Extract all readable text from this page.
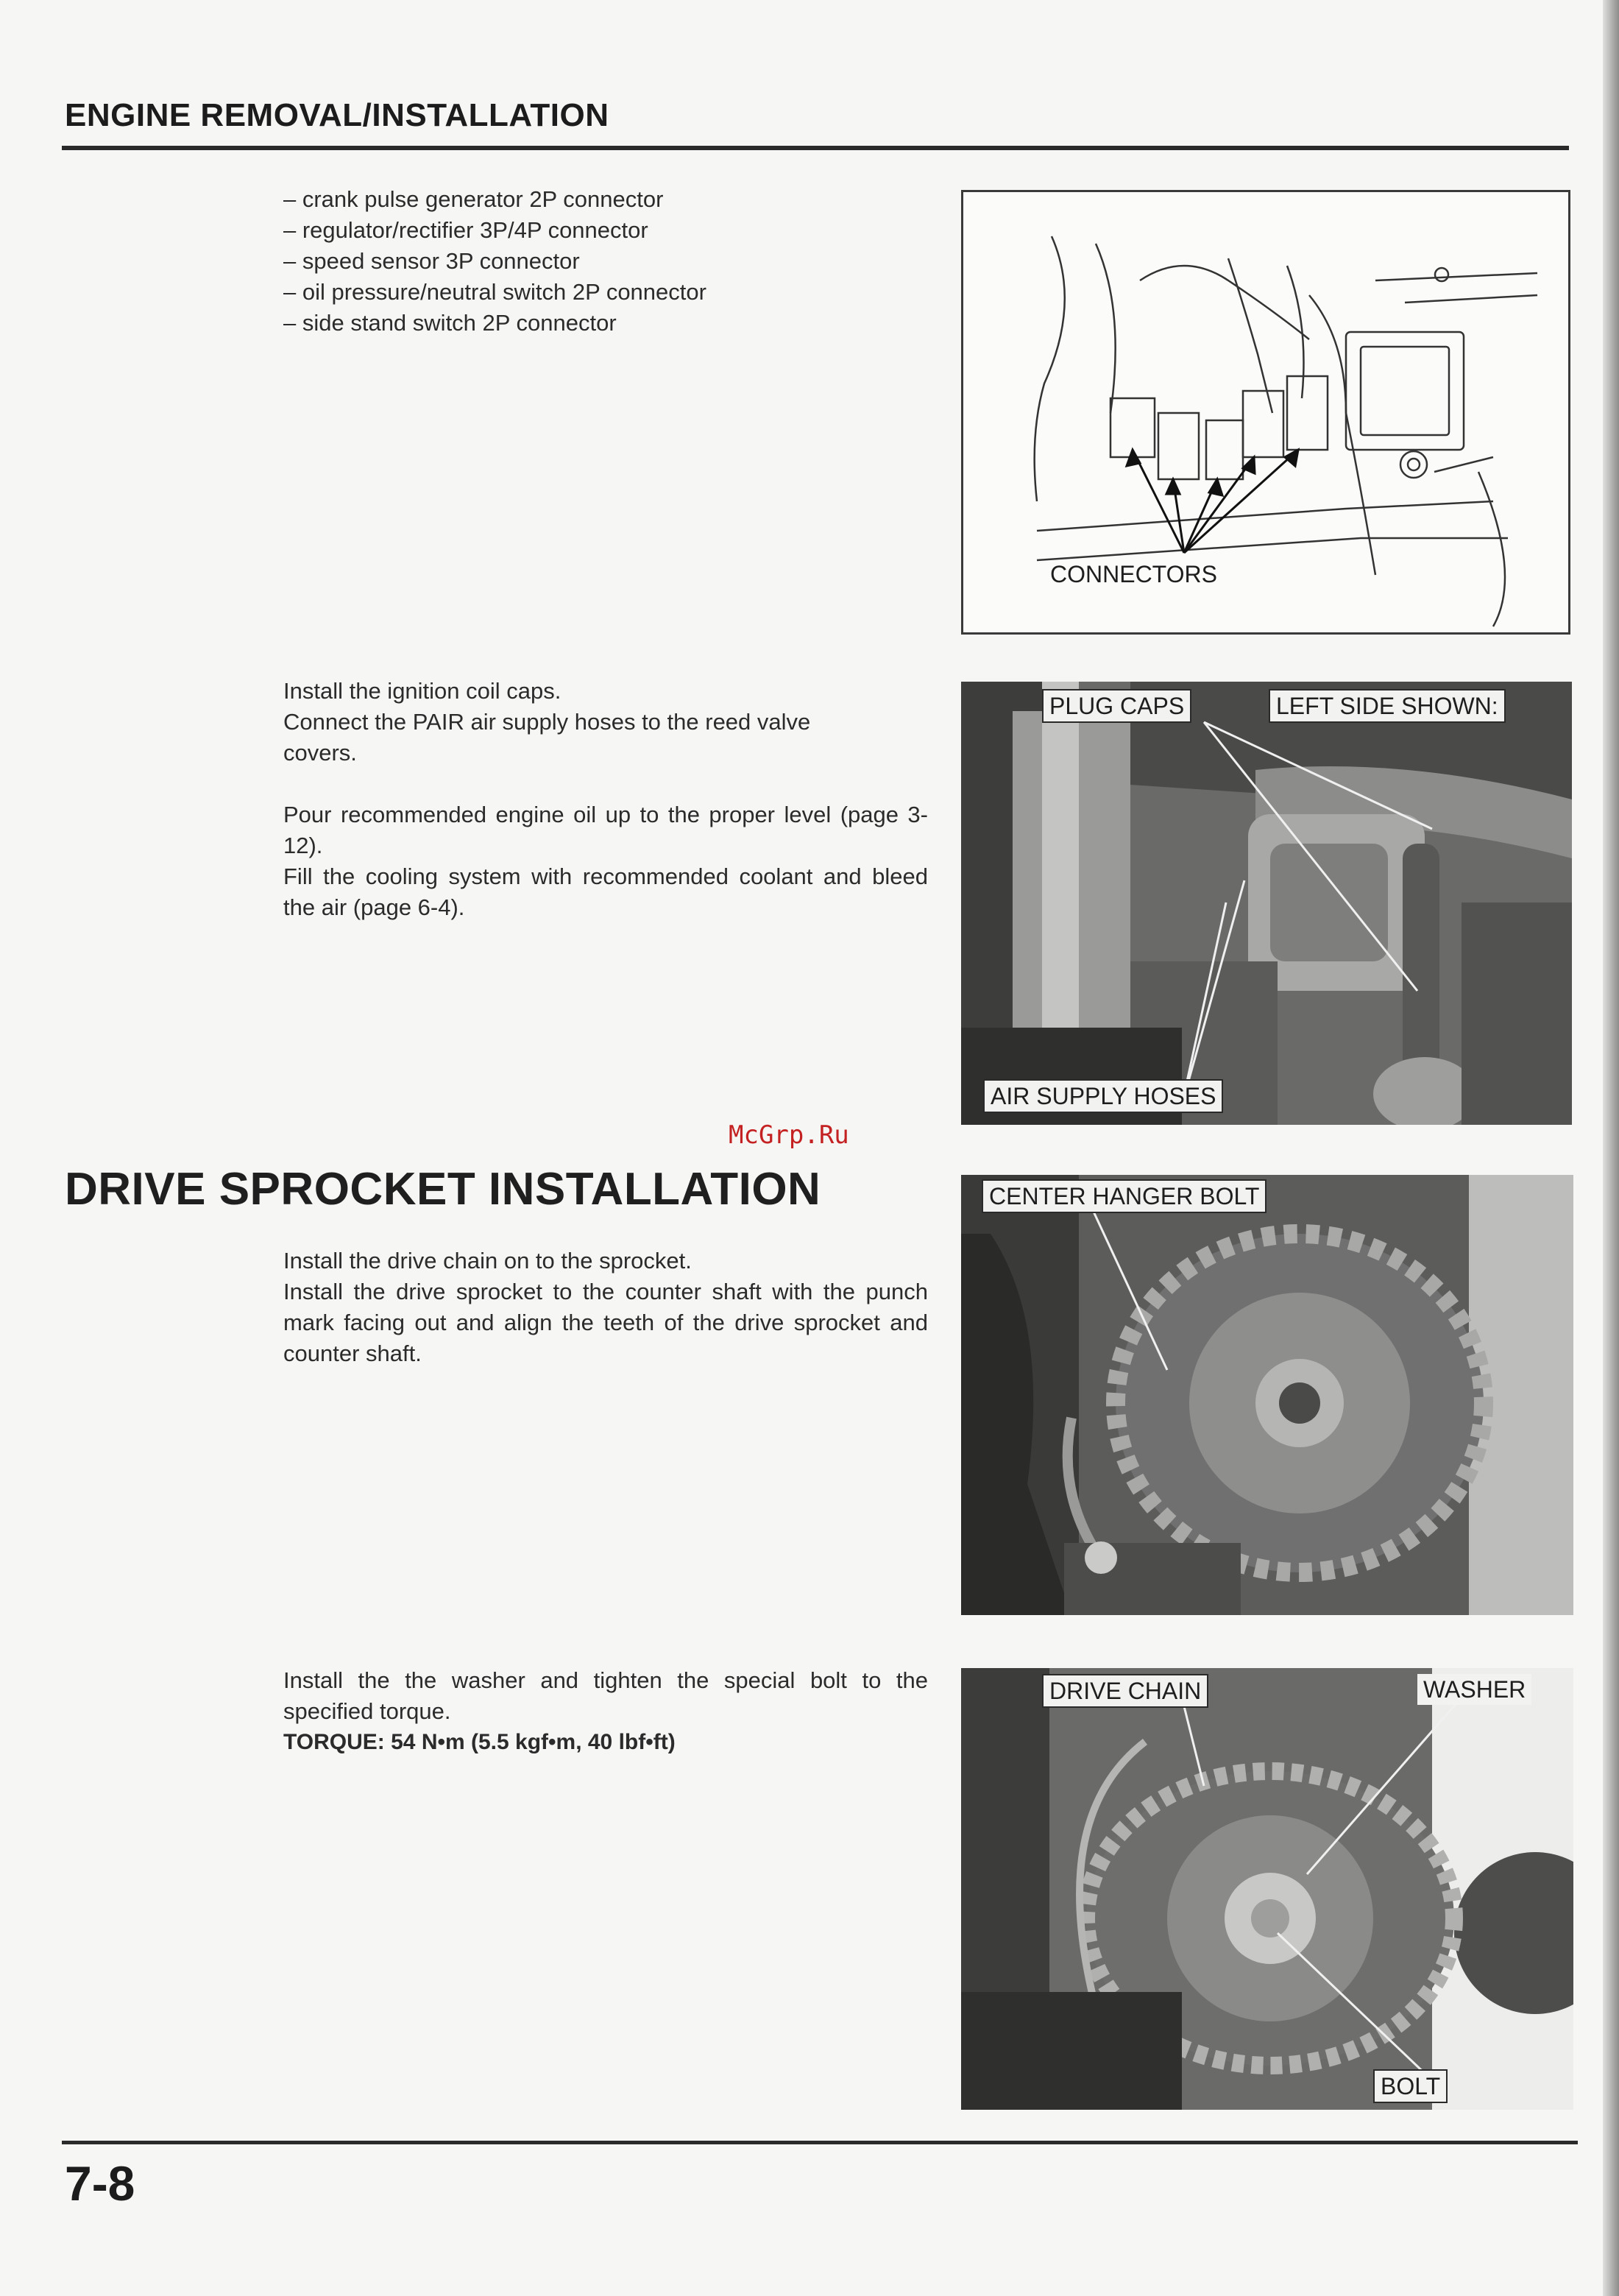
ENGINE REMOVAL/INSTALLATION
– crank pulse generator 2P connector
– regulator/rectifier 3P/4P connector
– speed sensor 3P connector
– oil pressure/neutral switch 2P connector
– side stand switch 2P connector
CONNECTORS

Install the ignition coil caps.

Connect the PAIR air supply hoses to the reed valve covers.

Pour recommended engine oil up to the proper level (page 3-12).

Fill the cooling system with recommended coolant and bleed the air (page 6-4).

PLUG CAPS	LEFT SIDE SHOWN:
AIR SUPPLY HOSES
McGrp.Ru
DRIVE SPROCKET INSTALLATION

Install the drive chain on to the sprocket.

Install the drive sprocket to the counter shaft with the punch mark facing out and align the teeth of the drive sprocket and counter shaft.

CENTER HANGER BOLT

Install the the washer and tighten the special bolt to the specified torque.

TORQUE: 54 N•m (5.5 kgf•m, 40 lbf•ft)

DRIVE CHAIN	WASHER
BOLT
7-8
